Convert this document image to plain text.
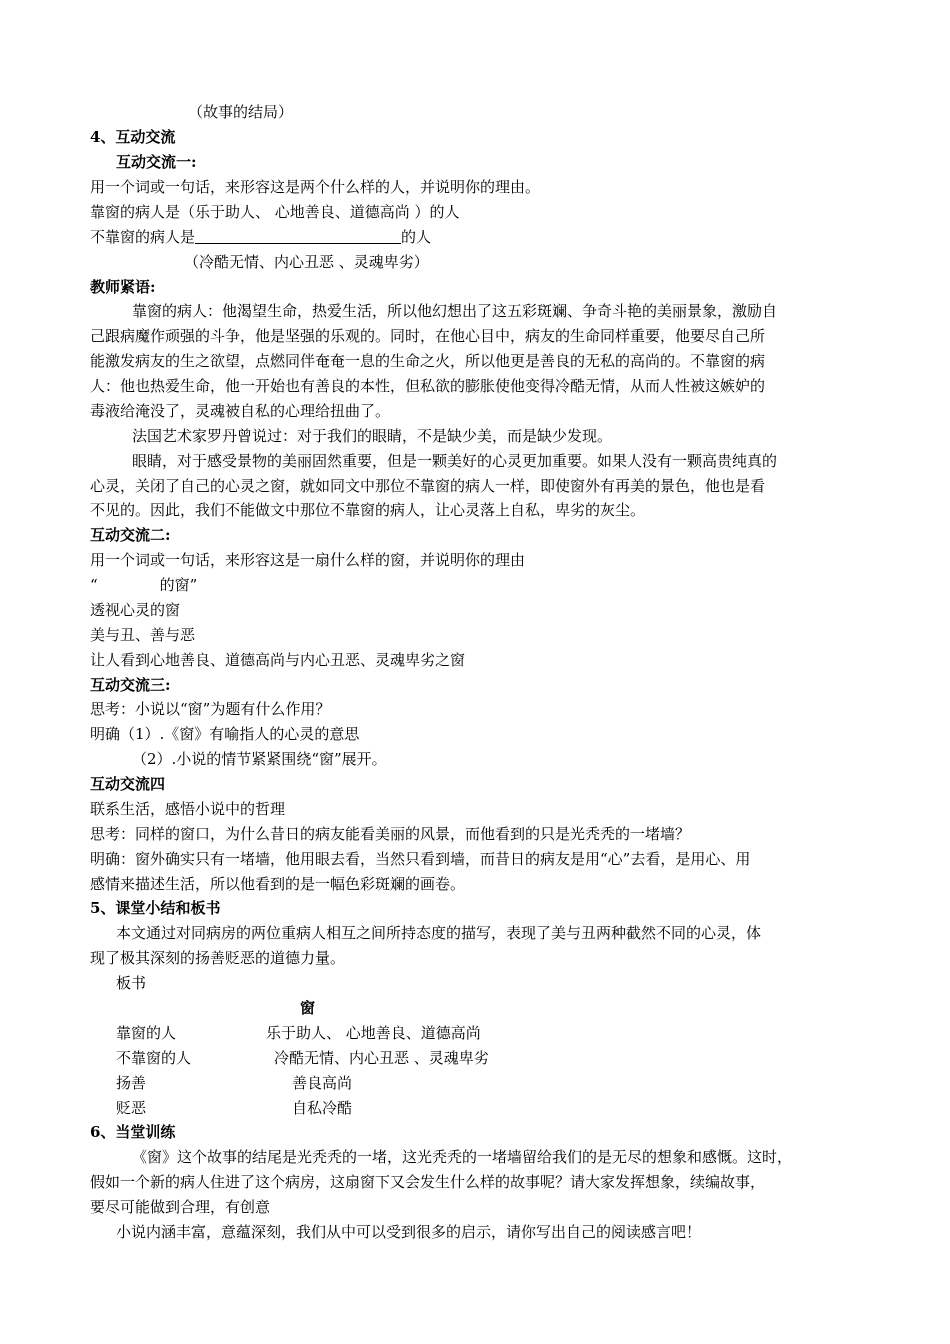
（故事的结局）
4、互动交流
互动交流一:
用一个词或一句话，来形容这是两个什么样的人，并说明你的理由。
靠窗的病人是（乐于助人、 心地善良、道德高尚 ）的人
不靠窗的病人是	的人
（冷酷无情、内心丑恶 、灵魂卑劣）
教师紧语:
靠窗的病人：他渴望生命，热爱生活，所以他幻想出了这五彩斑斓、争奇斗艳的美丽景象，激励自
己跟病魔作顽强的斗争，他是坚强的乐观的。同时，在他心目中，病友的生命同样重要，他要尽自己所
能激发病友的生之欲望，点燃同伴奄奄一息的生命之火，所以他更是善良的无私的高尚的。不靠窗的病
人：他也热爱生命，他一开始也有善良的本性，但私欲的膨胀使他变得冷酷无情，从而人性被这嫉妒的
毒液给淹没了，灵魂被自私的心理给扭曲了。
法国艺术家罗丹曾说过：对于我们的眼睛，不是缺少美，而是缺少发现。
眼睛，对于感受景物的美丽固然重要，但是一颗美好的心灵更加重要。如果人没有一颗高贵纯真的
心灵，关闭了自己的心灵之窗，就如同文中那位不靠窗的病人一样，即使窗外有再美的景色，他也是看
不见的。因此，我们不能做文中那位不靠窗的病人，让心灵落上自私，卑劣的灰尘。
互动交流二:
用一个词或一句话，来形容这是一扇什么样的窗，并说明你的理由
“	的窗”
透视心灵的窗
美与丑、善与恶
让人看到心地善良、道德高尚与内心丑恶、灵魂卑劣之窗
互动交流三:
思考：小说以“窗”为题有什么作用？
明确（1）.《窗》有喻指人的心灵的意思
（2）.小说的情节紧紧围绕“窗”展开。
互动交流四
联系生活，感悟小说中的哲理
思考：同样的窗口，为什么昔日的病友能看美丽的风景，而他看到的只是光秃秃的一堵墙？
明确：窗外确实只有一堵墙，他用眼去看，当然只看到墙，而昔日的病友是用“心”去看，是用心、用
感情来描述生活，所以他看到的是一幅色彩斑斓的画卷。
5、课堂小结和板书
本文通过对同病房的两位重病人相互之间所持态度的描写，表现了美与丑两种截然不同的心灵，体
现了极其深刻的扬善贬恶的道德力量。
板书
窗
靠窗的人	乐于助人、 心地善良、道德高尚
不靠窗的人	冷酷无情、内心丑恶 、灵魂卑劣
扬善	善良高尚
贬恶	自私冷酷
6、当堂训练
《窗》这个故事的结尾是光秃秃的一堵，这光秃秃的一堵墙留给我们的是无尽的想象和感慨。这时，
假如一个新的病人住进了这个病房，这扇窗下又会发生什么样的故事呢？请大家发挥想象，续编故事，
要尽可能做到合理，有创意
小说内涵丰富，意蕴深刻，我们从中可以受到很多的启示，请你写出自己的阅读感言吧！
